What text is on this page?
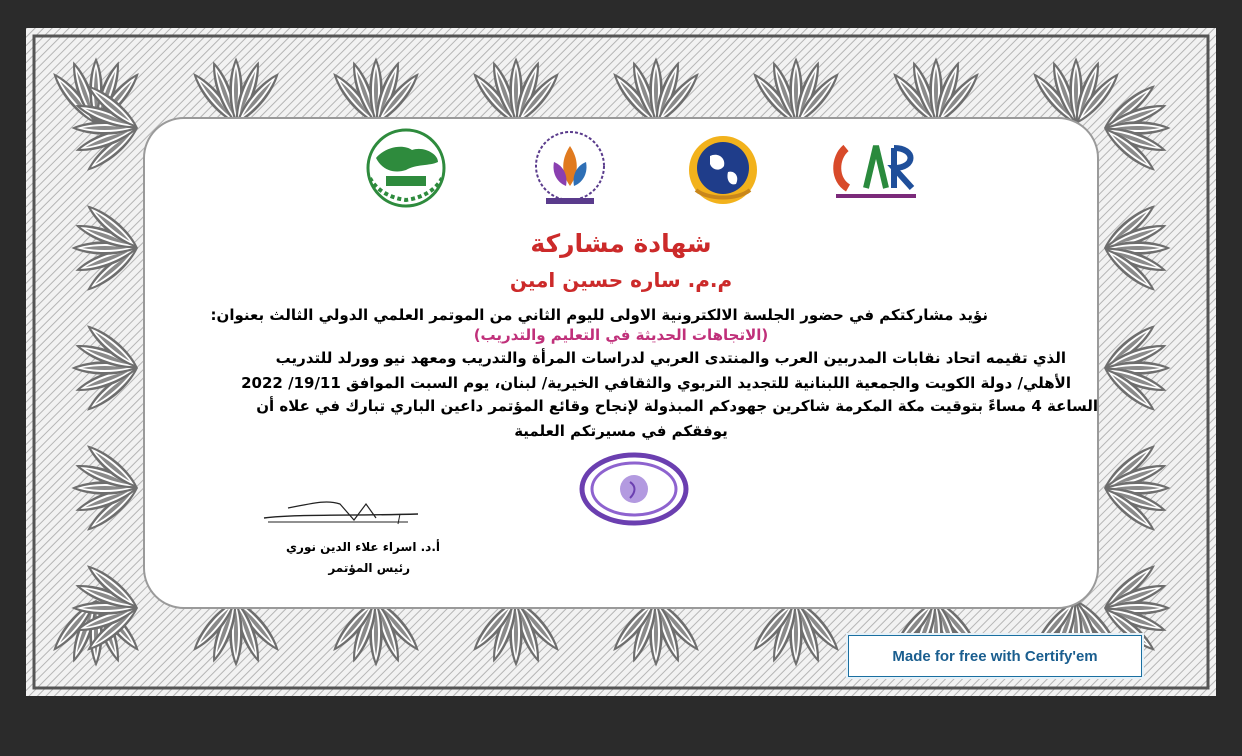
شهادة مشاركة
م.م. ساره حسين امين
نؤيد مشاركتكم في حضور الجلسة الالكترونية الاولى لليوم الثاني من الموتمر العلمي الدولي الثالث بعنوان:
(الاتجاهات الحديثة في التعليم والتدريب)
الذي تقيمه اتحاد نقابات المدربين العرب والمنتدى العربي لدراسات المرأة والتدريب ومعهد نيو وورلد للتدريب
الأهلي/ دولة الكويت والجمعية اللبنانية للتجديد التربوي والثقافي الخيرية/ لبنان، يوم السبت الموافق 19/11/ 2022
الساعة 4 مساءً بتوقيت مكة المكرمة شاكرين جهودكم المبذولة لإنجاح وقائع المؤتمر داعين الباري تبارك في علاه أن
يوفقكم في مسيرتكم العلمية
أ.د. اسراء علاء الدين نوري
رئيس المؤتمر
Made for free with Certify'em
